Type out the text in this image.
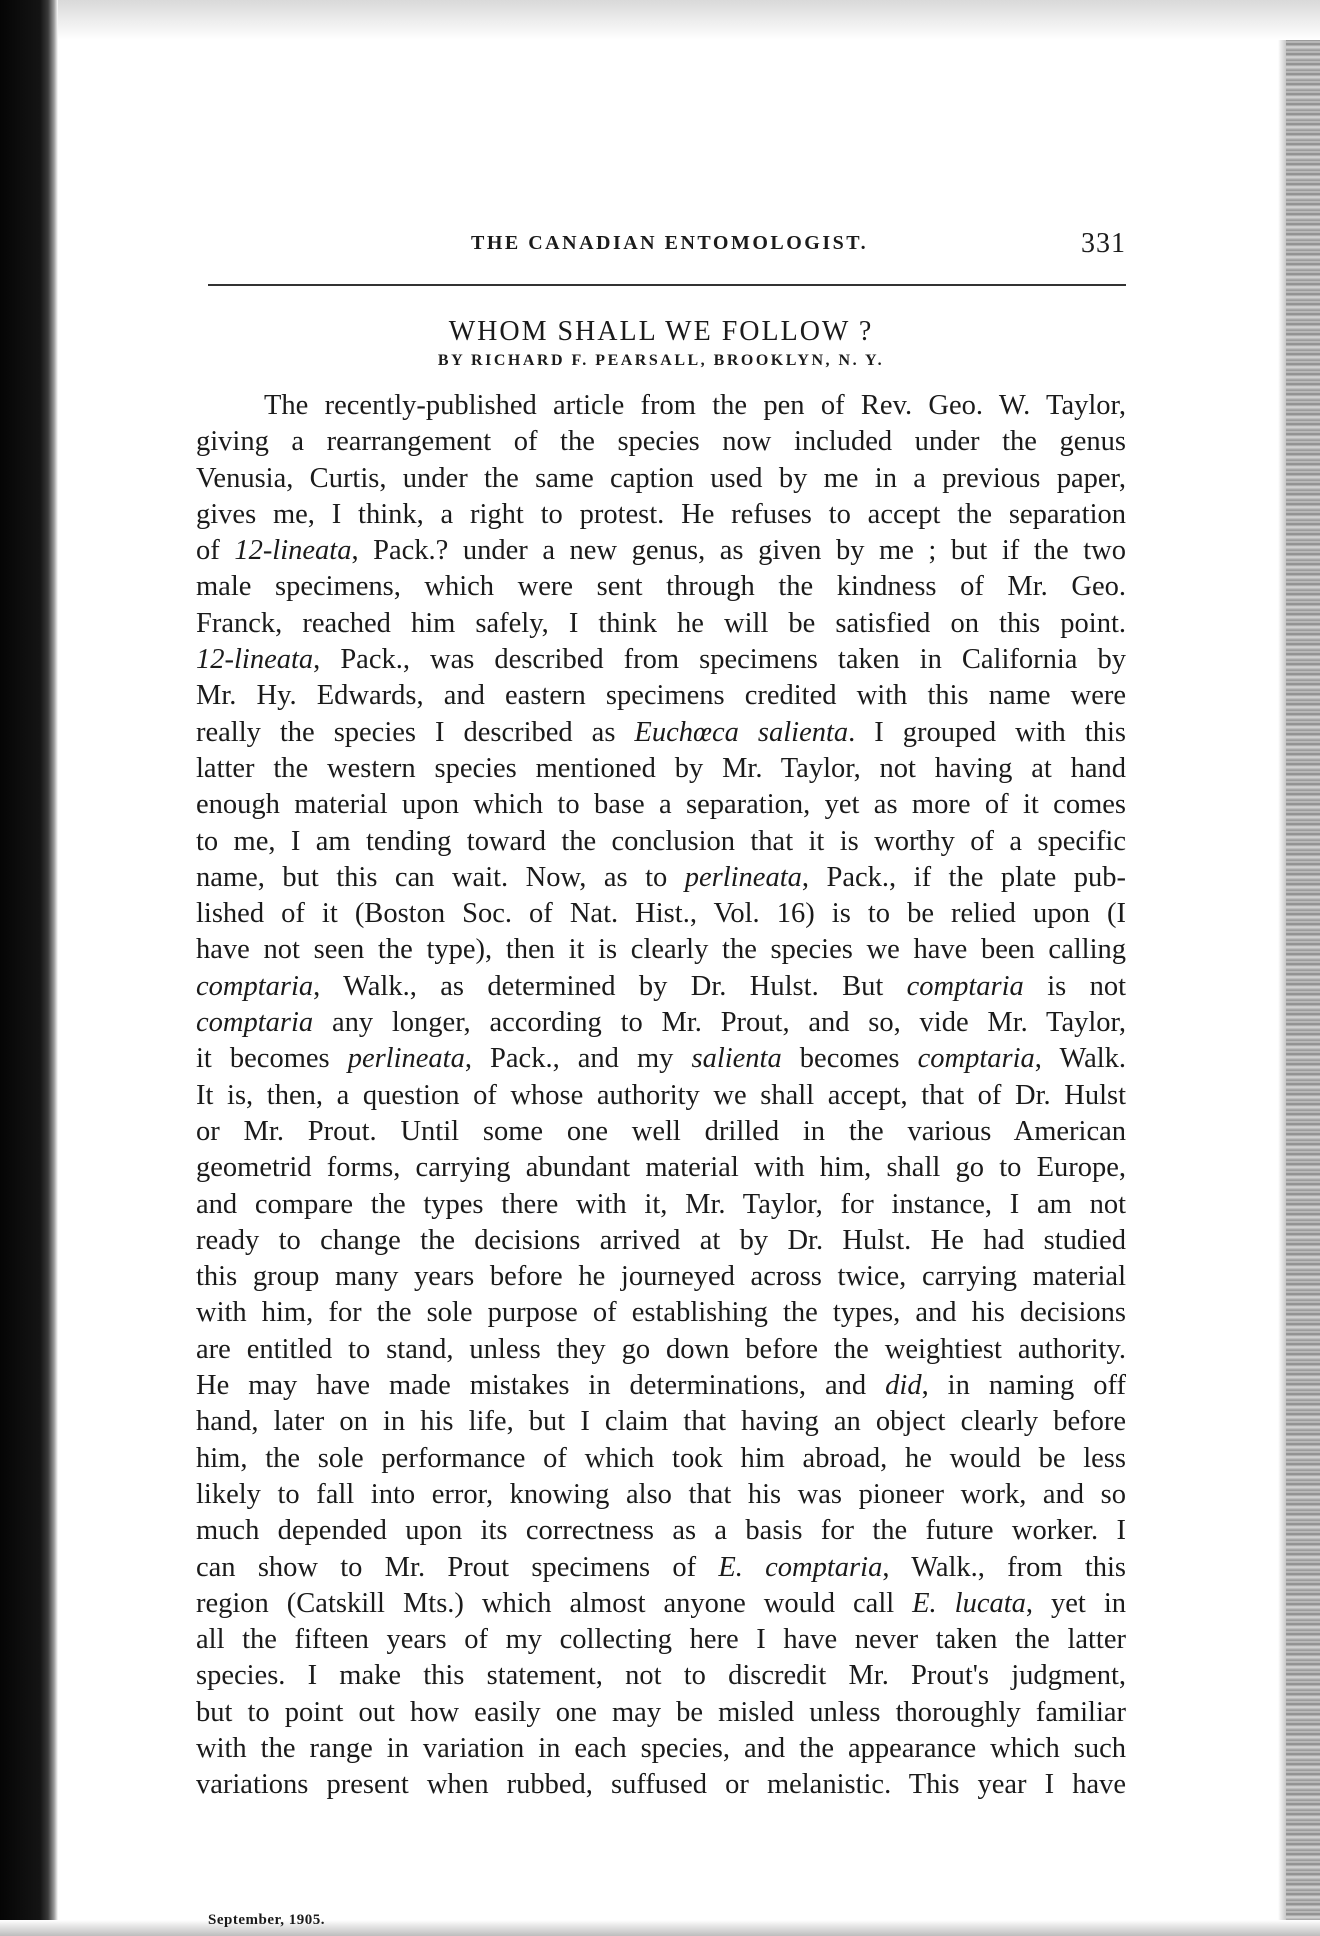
THE CANADIAN ENTOMOLOGIST.	331
WHOM SHALL WE FOLLOW ?
BY RICHARD F. PEARSALL, BROOKLYN, N. Y.
The recently-published article from the pen of Rev. Geo. W. Taylor,
giving a rearrangement of the species now included under the genus
Venusia, Curtis, under the same caption used by me in a previous paper,
gives me, I think, a right to protest. He refuses to accept the separation
of 12-lineata, Pack.? under a new genus, as given by me ; but if the two
male specimens, which were sent through the kindness of Mr. Geo.
Franck, reached him safely, I think he will be satisfied on this point.
12-lineata, Pack., was described from specimens taken in California by
Mr. Hy. Edwards, and eastern specimens credited with this name were
really the species I described as Euchœca salienta. I grouped with this
latter the western species mentioned by Mr. Taylor, not having at hand
enough material upon which to base a separation, yet as more of it comes
to me, I am tending toward the conclusion that it is worthy of a specific
name, but this can wait. Now, as to perlineata, Pack., if the plate pub-
lished of it (Boston Soc. of Nat. Hist., Vol. 16) is to be relied upon (I
have not seen the type), then it is clearly the species we have been calling
comptaria, Walk., as determined by Dr. Hulst. But comptaria is not
comptaria any longer, according to Mr. Prout, and so, vide Mr. Taylor,
it becomes perlineata, Pack., and my salienta becomes comptaria, Walk.
It is, then, a question of whose authority we shall accept, that of Dr. Hulst
or Mr. Prout. Until some one well drilled in the various American
geometrid forms, carrying abundant material with him, shall go to Europe,
and compare the types there with it, Mr. Taylor, for instance, I am not
ready to change the decisions arrived at by Dr. Hulst. He had studied
this group many years before he journeyed across twice, carrying material
with him, for the sole purpose of establishing the types, and his decisions
are entitled to stand, unless they go down before the weightiest authority.
He may have made mistakes in determinations, and did, in naming off
hand, later on in his life, but I claim that having an object clearly before
him, the sole performance of which took him abroad, he would be less
likely to fall into error, knowing also that his was pioneer work, and so
much depended upon its correctness as a basis for the future worker. I
can show to Mr. Prout specimens of E. comptaria, Walk., from this
region (Catskill Mts.) which almost anyone would call E. lucata, yet in
all the fifteen years of my collecting here I have never taken the latter
species. I make this statement, not to discredit Mr. Prout's judgment,
but to point out how easily one may be misled unless thoroughly familiar
with the range in variation in each species, and the appearance which such
variations present when rubbed, suffused or melanistic. This year I have
September, 1905.
